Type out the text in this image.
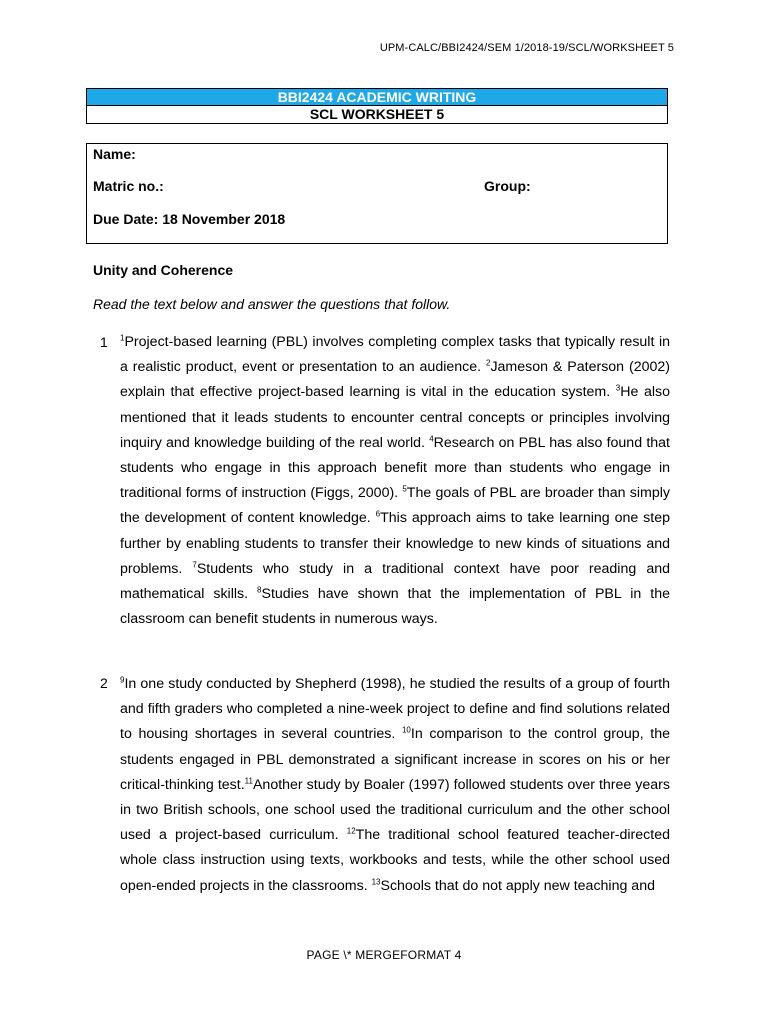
UPM-CALC/BBI2424/SEM 1/2018-19/SCL/WORKSHEET 5
BBI2424 ACADEMIC WRITING
SCL WORKSHEET 5
Name:
Matric no.:	Group:
Due Date: 18 November 2018
Unity and Coherence
Read the text below and answer the questions that follow.
1 $^1$Project-based learning (PBL) involves completing complex tasks that typically result in a realistic product, event or presentation to an audience. $^2$Jameson & Paterson (2002) explain that effective project-based learning is vital in the education system. $^3$He also mentioned that it leads students to encounter central concepts or principles involving inquiry and knowledge building of the real world. $^4$Research on PBL has also found that students who engage in this approach benefit more than students who engage in traditional forms of instruction (Figgs, 2000). $^5$The goals of PBL are broader than simply the development of content knowledge. $^6$This approach aims to take learning one step further by enabling students to transfer their knowledge to new kinds of situations and problems. $^7$Students who study in a traditional context have poor reading and mathematical skills. $^8$Studies have shown that the implementation of PBL in the classroom can benefit students in numerous ways.

2 $^9$In one study conducted by Shepherd (1998), he studied the results of a group of fourth and fifth graders who completed a nine-week project to define and find solutions related to housing shortages in several countries. $^{10}$In comparison to the control group, the students engaged in PBL demonstrated a significant increase in scores on his or her critical-thinking test.$^{11}$Another study by Boaler (1997) followed students over three years in two British schools, one school used the traditional curriculum and the other school used a project-based curriculum. $^{12}$The traditional school featured teacher-directed whole class instruction using texts, workbooks and tests, while the other school used open-ended projects in the classrooms. $^{13}$Schools that do not apply new teaching and

PAGE \* MERGEFORMAT 4
